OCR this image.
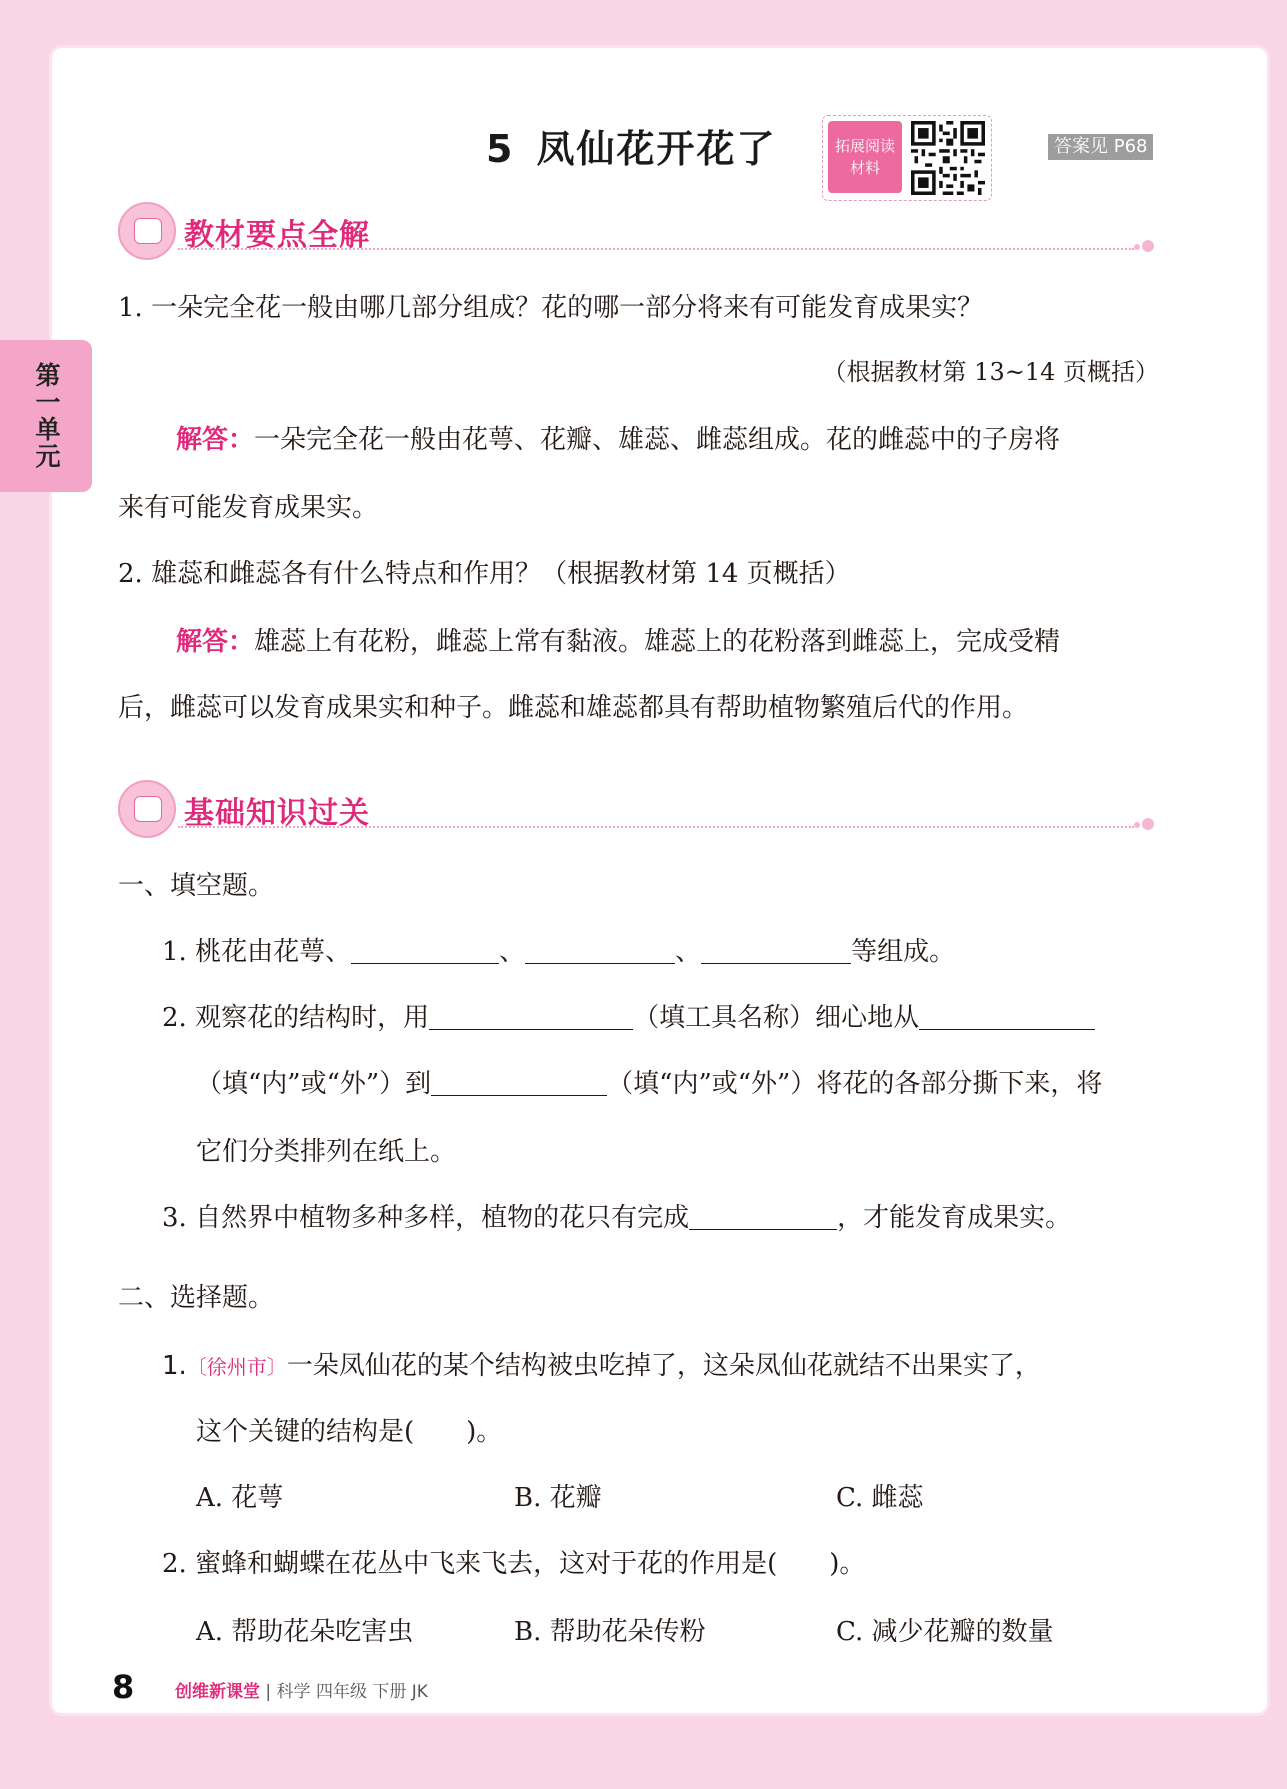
第一单元
5 凤仙花开花了	拓展阅读
材料
答案见 P68
教材要点全解
1. 一朵完全花一般由哪几部分组成？花的哪一部分将来有可能发育成果实？
（根据教材第 13~14 页概括）
解答：一朵完全花一般由花萼、花瓣、雄蕊、雌蕊组成。花的雌蕊中的子房将
来有可能发育成果实。
2. 雄蕊和雌蕊各有什么特点和作用？（根据教材第 14 页概括）
解答：雄蕊上有花粉，雌蕊上常有黏液。雄蕊上的花粉落到雌蕊上，完成受精
后，雌蕊可以发育成果实和种子。雌蕊和雄蕊都具有帮助植物繁殖后代的作用。
基础知识过关
一、填空题。
1. 桃花由花萼、	、	、	等组成。
2. 观察花的结构时，用	（填工具名称）细心地从
（填“内”或“外”）到	（填“内”或“外”）将花的各部分撕下来，将
它们分类排列在纸上。
3. 自然界中植物多种多样，植物的花只有完成	，才能发育成果实。
二、选择题。
1.〔徐州市〕一朵凤仙花的某个结构被虫吃掉了，这朵凤仙花就结不出果实了，
这个关键的结构是(　　)。
A. 花萼	B. 花瓣	C. 雌蕊
2. 蜜蜂和蝴蝶在花丛中飞来飞去，这对于花的作用是(　　)。
A. 帮助花朵吃害虫	B. 帮助花朵传粉	C. 减少花瓣的数量
8 创维新课堂 | 科学 四年级 下册 JK
